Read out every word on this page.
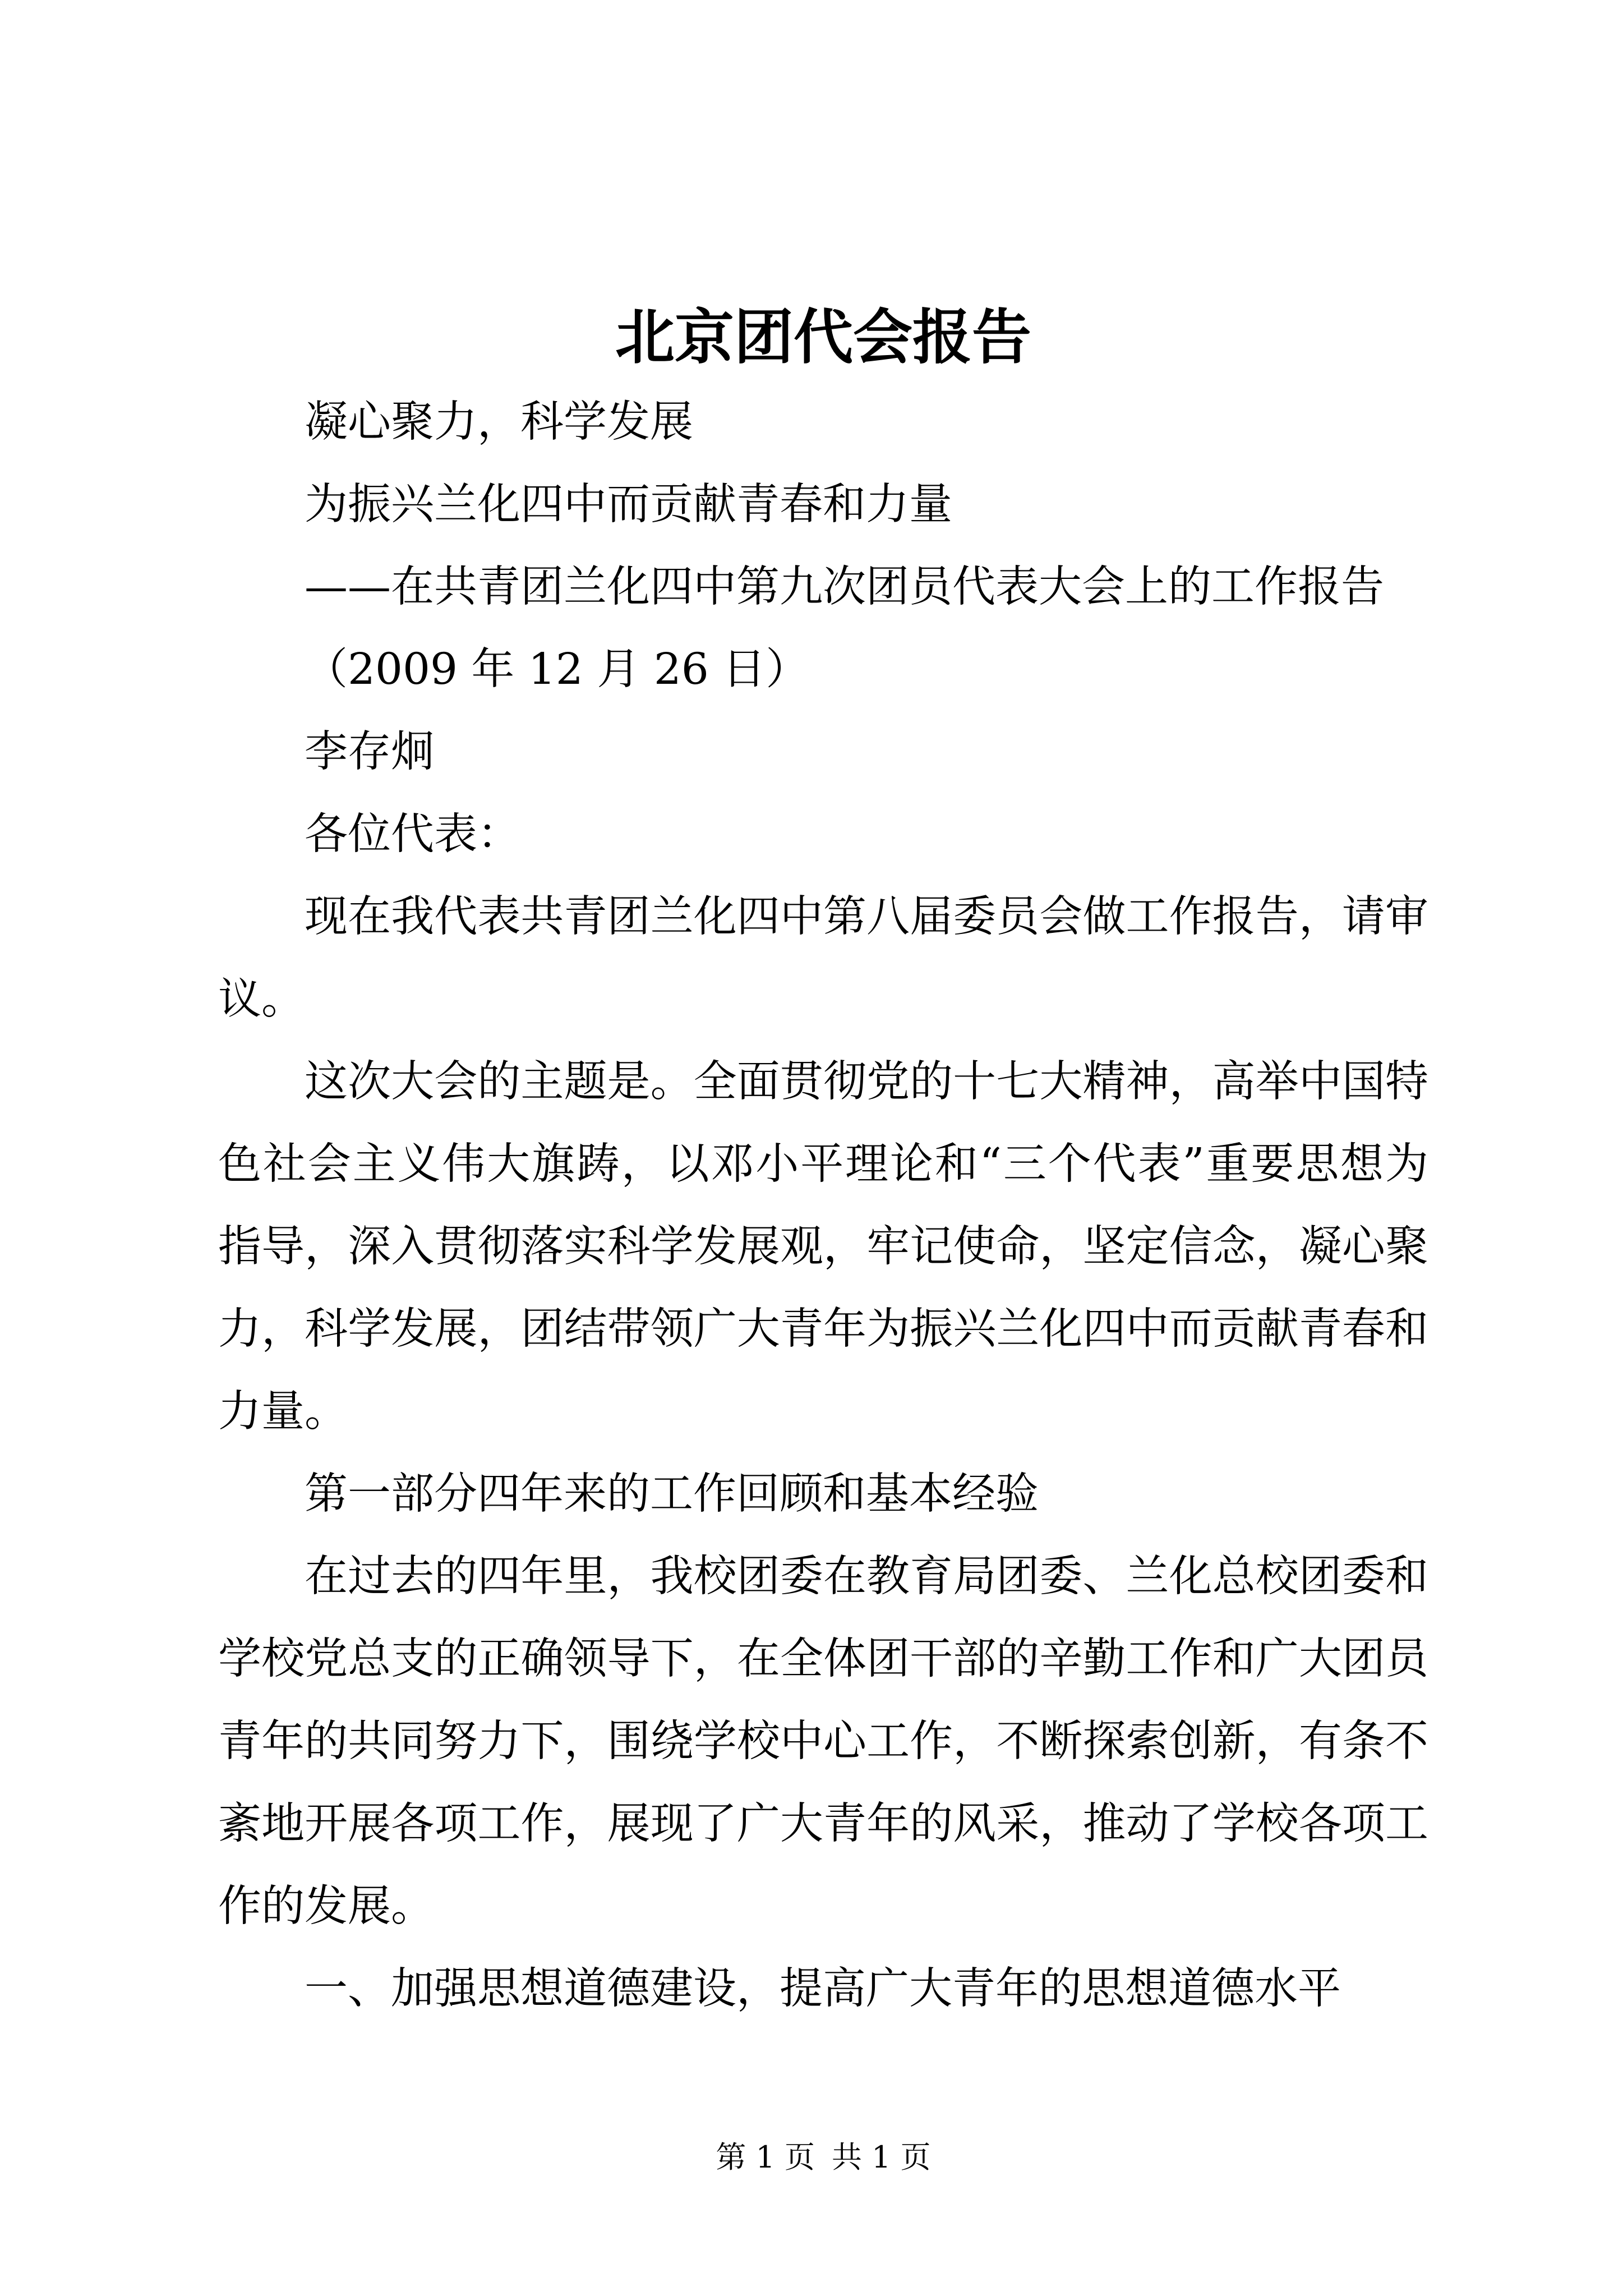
北京团代会报告
凝心聚力，科学发展
为振兴兰化四中而贡献青春和力量
——在共青团兰化四中第九次团员代表大会上的工作报告
（2009 年 12 月 26 日）
李存炯
各位代表：
现在我代表共青团兰化四中第八届委员会做工作报告，请审
议。
这次大会的主题是。全面贯彻党的十七大精神，高举中国特
色社会主义伟大旗踌，以邓小平理论和“三个代表”重要思想为
指导，深入贯彻落实科学发展观，牢记使命，坚定信念，凝心聚
力，科学发展，团结带领广大青年为振兴兰化四中而贡献青春和
力量。
第一部分四年来的工作回顾和基本经验
在过去的四年里，我校团委在教育局团委、兰化总校团委和
学校党总支的正确领导下，在全体团干部的辛勤工作和广大团员
青年的共同努力下，围绕学校中心工作，不断探索创新，有条不
紊地开展各项工作，展现了广大青年的风采，推动了学校各项工
作的发展。
一、加强思想道德建设，提高广大青年的思想道德水平
第 1 页 共 1 页
